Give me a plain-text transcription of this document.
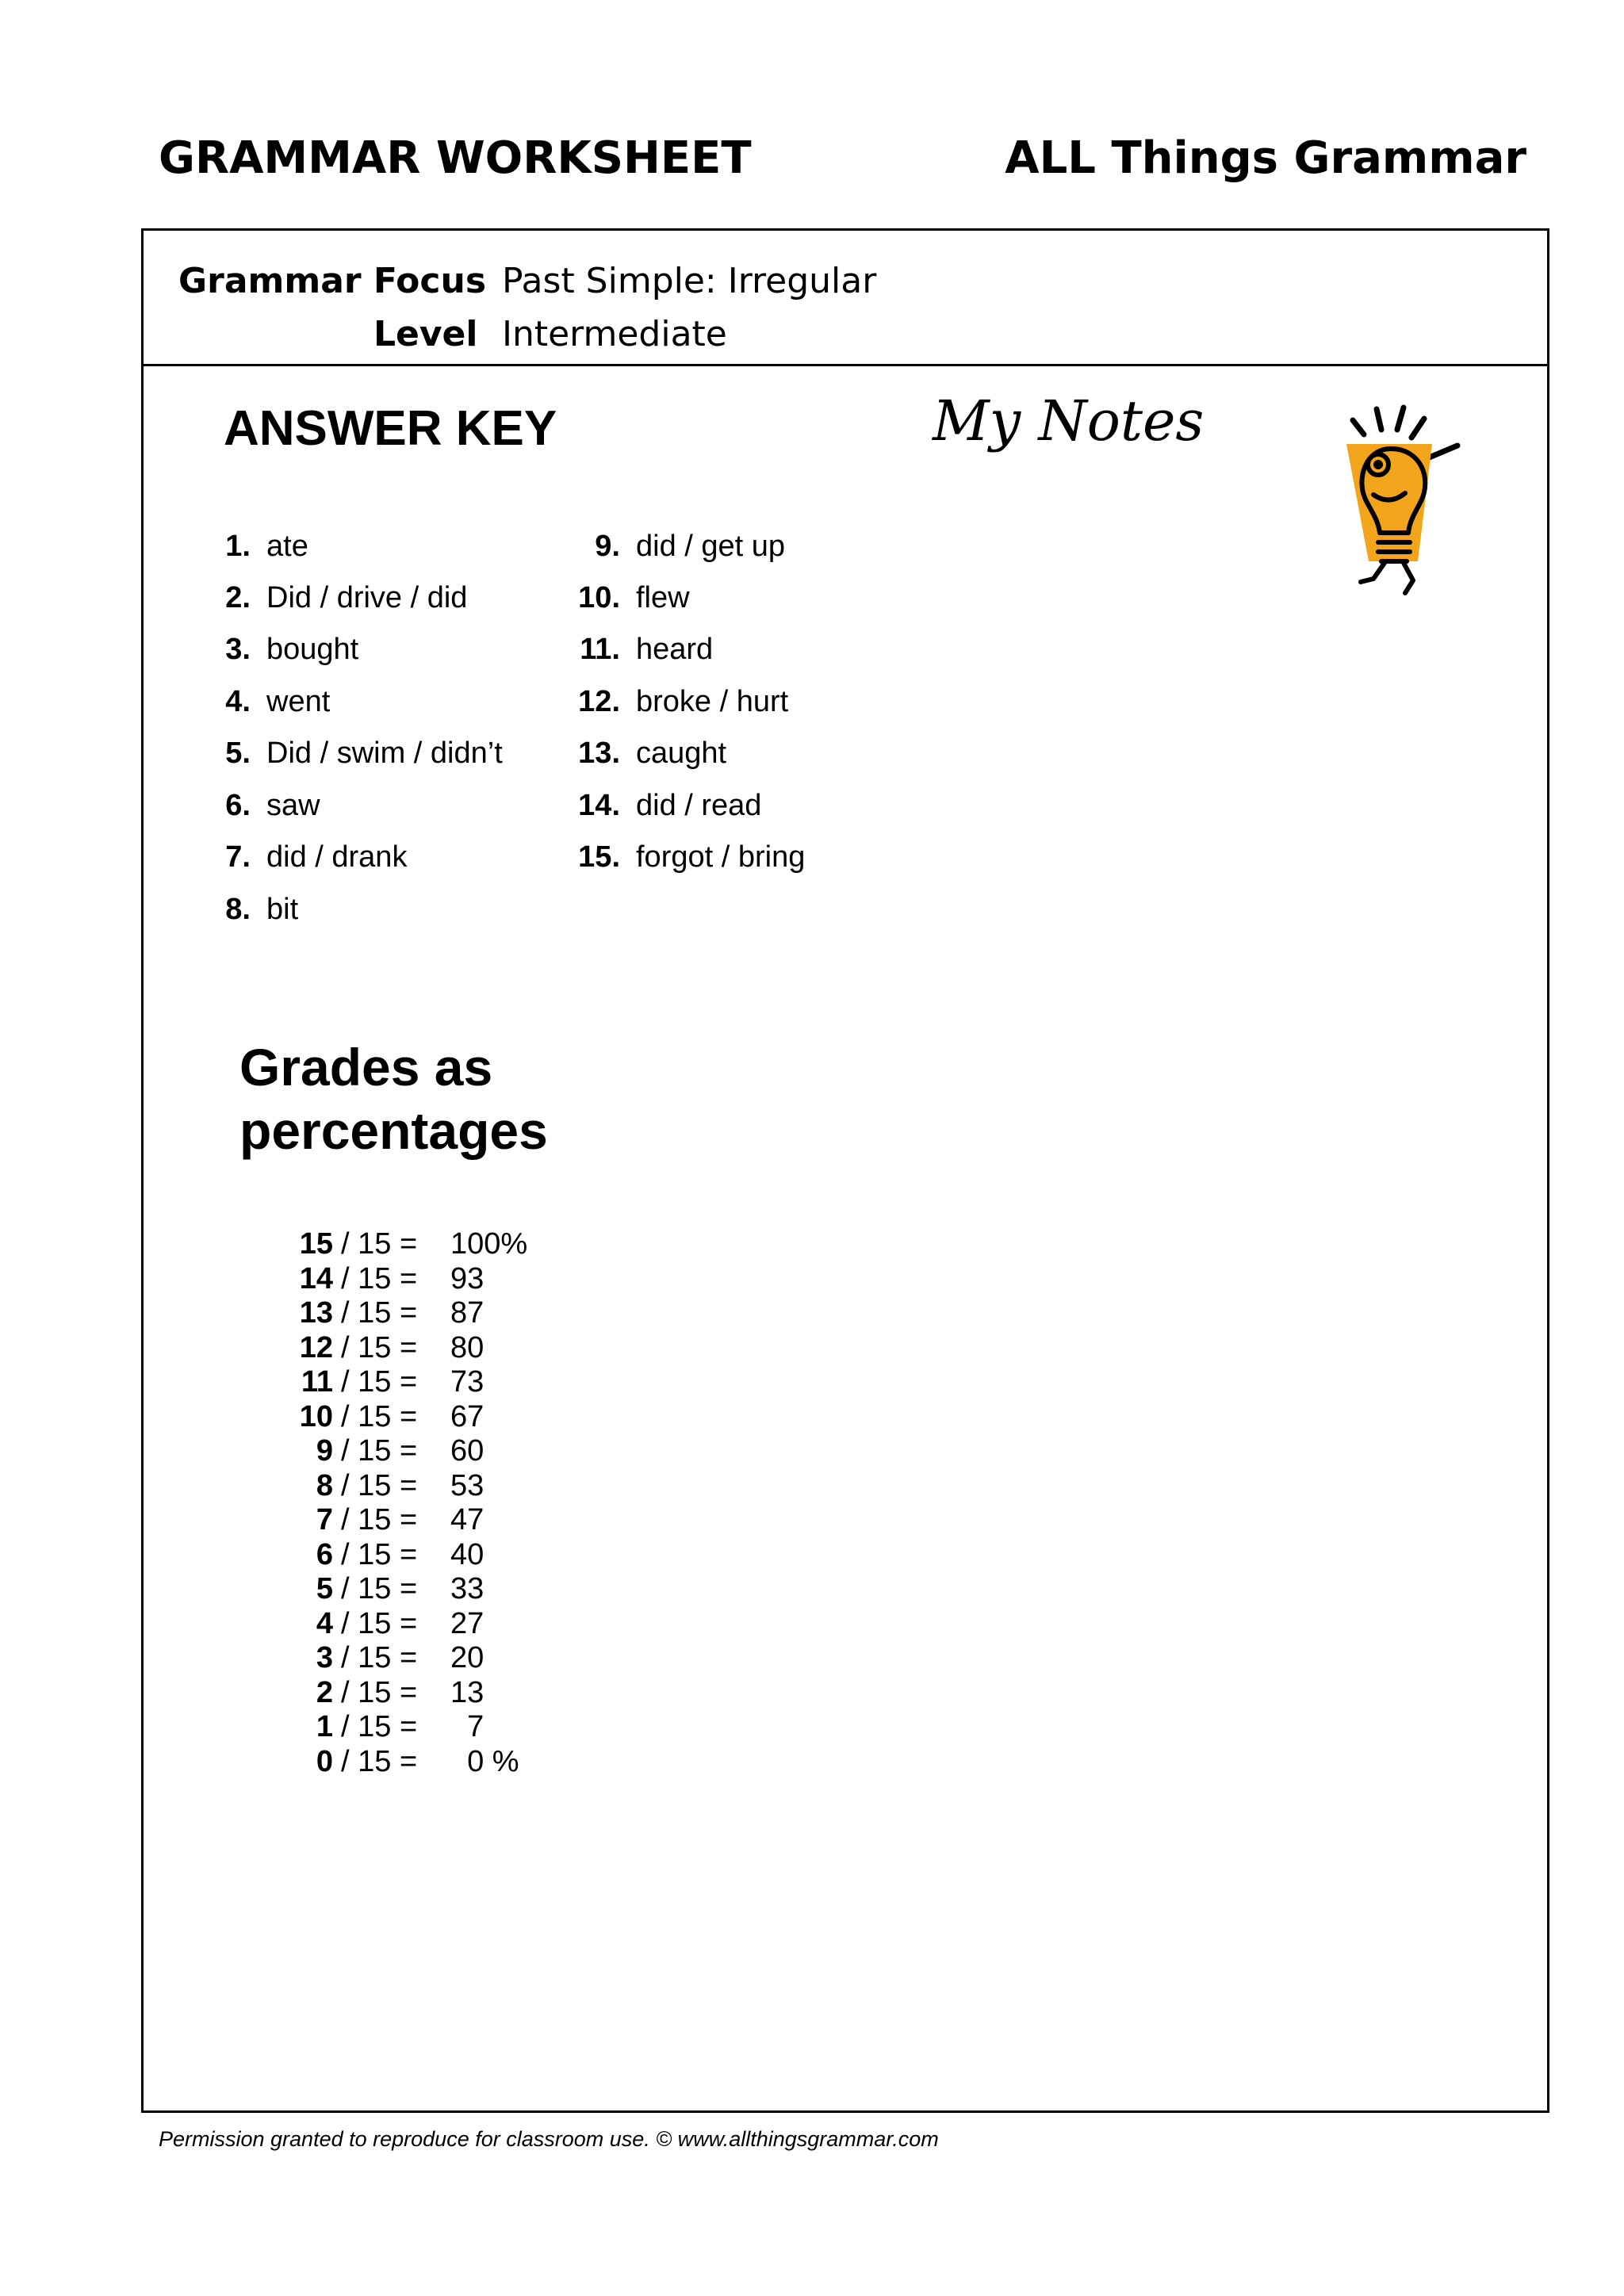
GRAMMAR WORKSHEET	ALL Things Grammar
Grammar Focus Past Simple: Irregular
Level Intermediate
ANSWER KEY	My Notes
1. ate
2. Did / drive / did
3. bought
4. went
5. Did / swim / didn’t
6. saw
7. did / drank
8. bit
9. did / get up
10. flew
11. heard
12. broke / hurt
13. caught
14. did / read
15. forgot / bring
Grades as
percentages
15 / 15 = 100%
14 / 15 = 93
13 / 15 = 87
12 / 15 = 80
11 / 15 = 73
10 / 15 = 67
9 / 15 = 60
8 / 15 = 53
7 / 15 = 47
6 / 15 = 40
5 / 15 = 33
4 / 15 = 27
3 / 15 = 20
2 / 15 = 13
1 / 15 = 7
0 / 15 = 0 %
Permission granted to reproduce for classroom use. © www.allthingsgrammar.com
